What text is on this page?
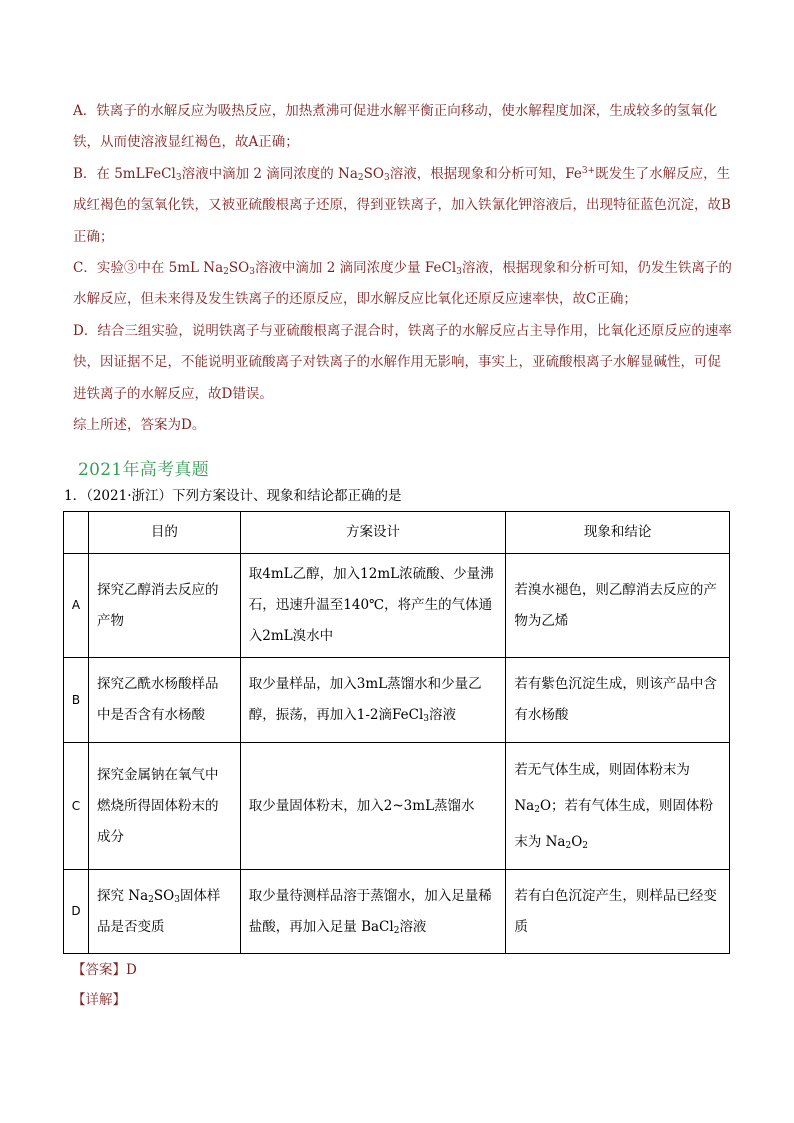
A．铁离子的水解反应为吸热反应，加热煮沸可促进水解平衡正向移动，使水解程度加深，生成较多的氢氧化铁，从而使溶液显红褐色，故A正确；

B．在 5mLFeCl$_3$溶液中滴加 2 滴同浓度的 $Na_2SO_3$溶液，根据现象和分析可知，$Fe^{3+}$既发生了水解反应，生成红褐色的氢氧化铁，又被亚硫酸根离子还原，得到亚铁离子，加入铁氰化钾溶液后，出现特征蓝色沉淀，故B正确；

C．实验③中在 5mL $Na_2SO_3$溶液中滴加 2 滴同浓度少量 FeCl$_3$溶液，根据现象和分析可知，仍发生铁离子的水解反应，但未来得及发生铁离子的还原反应，即水解反应比氧化还原反应速率快，故C正确；

D．结合三组实验，说明铁离子与亚硫酸根离子混合时，铁离子的水解反应占主导作用，比氧化还原反应的速率快，因证据不足，不能说明亚硫酸离子对铁离子的水解作用无影响，事实上，亚硫酸根离子水解显碱性，可促进铁离子的水解反应，故D错误。

综上所述，答案为D。

2021年高考真题
1．（2021·浙江）下列方案设计、现象和结论都正确的是
	目的	方案设计	现象和结论
A	探究乙醇消去反应的产物	取4mL乙醇，加入12mL浓硫酸、少量沸石，迅速升温至140℃，将产生的气体通入2mL溴水中	若溴水褪色，则乙醇消去反应的产物为乙烯
B	探究乙酰水杨酸样品中是否含有水杨酸	取少量样品，加入3mL蒸馏水和少量乙醇，振荡，再加入1-2滴FeCl$_3$溶液	若有紫色沉淀生成，则该产品中含有水杨酸
C	探究金属钠在氧气中燃烧所得固体粉末的成分	取少量固体粉末，加入2~3mL蒸馏水	若无气体生成，则固体粉末为 $Na_2O$；若有气体生成，则固体粉末为 $Na_2O_2$
D	探究 $Na_2SO_3$固体样品是否变质	取少量待测样品溶于蒸馏水，加入足量稀盐酸，再加入足量 BaCl$_2$溶液	若有白色沉淀产生，则样品已经变质
【答案】D
【详解】
